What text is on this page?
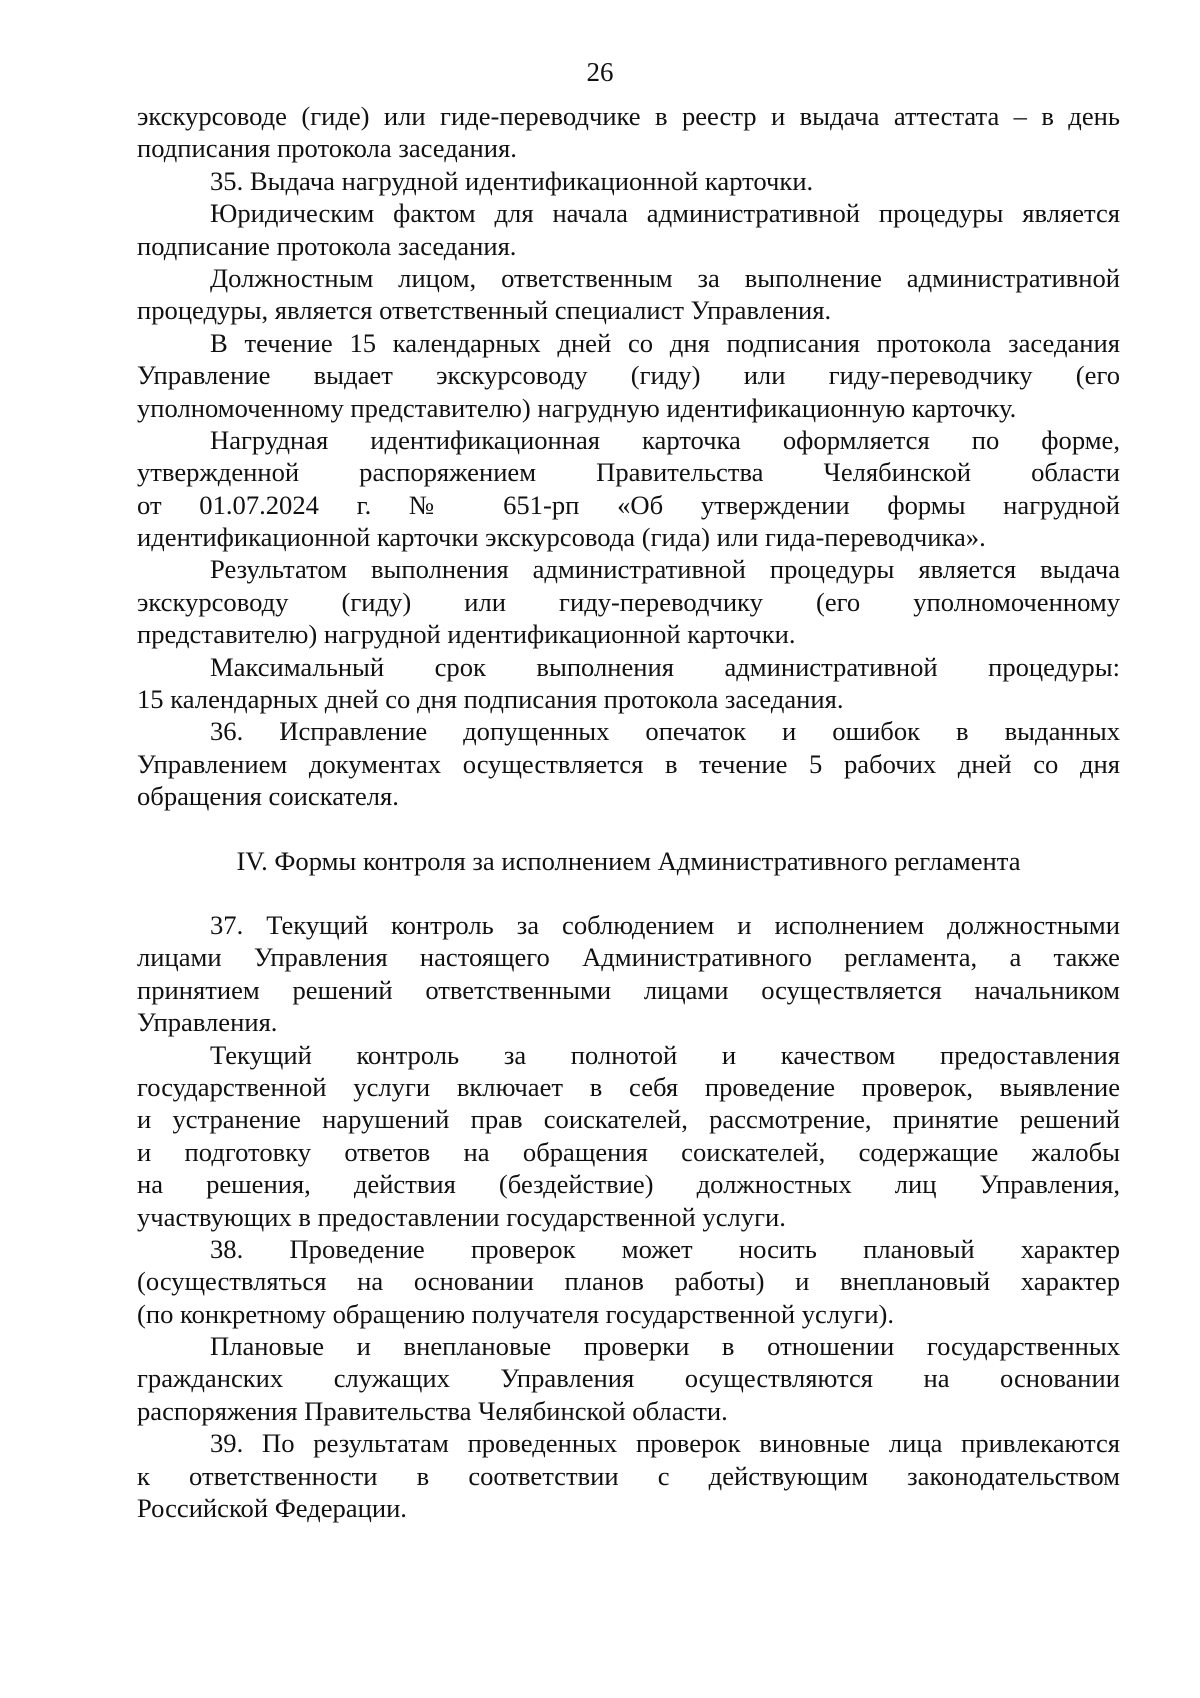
26
экскурсоводе (гиде) или гиде-переводчике в реестр и выдача аттестата – в день
подписания протокола заседания.
35. Выдача нагрудной идентификационной карточки.
Юридическим фактом для начала административной процедуры является
подписание протокола заседания.
Должностным лицом, ответственным за выполнение административной
процедуры, является ответственный специалист Управления.
В течение 15 календарных дней со дня подписания протокола заседания
Управление выдает экскурсоводу (гиду) или гиду-переводчику (его
уполномоченному представителю) нагрудную идентификационную карточку.
Нагрудная идентификационная карточка оформляется по форме,
утвержденной распоряжением Правительства Челябинской области
от 01.07.2024 г. № 651-рп «Об утверждении формы нагрудной
идентификационной карточки экскурсовода (гида) или гида-переводчика».
Результатом выполнения административной процедуры является выдача
экскурсоводу (гиду) или гиду-переводчику (его уполномоченному
представителю) нагрудной идентификационной карточки.
Максимальный срок выполнения административной процедуры:
15 календарных дней со дня подписания протокола заседания.
36. Исправление допущенных опечаток и ошибок в выданных
Управлением документах осуществляется в течение 5 рабочих дней со дня
обращения соискателя.
IV. Формы контроля за исполнением Административного регламента
37. Текущий контроль за соблюдением и исполнением должностными
лицами Управления настоящего Административного регламента, а также
принятием решений ответственными лицами осуществляется начальником
Управления.
Текущий контроль за полнотой и качеством предоставления
государственной услуги включает в себя проведение проверок, выявление
и устранение нарушений прав соискателей, рассмотрение, принятие решений
и подготовку ответов на обращения соискателей, содержащие жалобы
на решения, действия (бездействие) должностных лиц Управления,
участвующих в предоставлении государственной услуги.
38. Проведение проверок может носить плановый характер
(осуществляться на основании планов работы) и внеплановый характер
(по конкретному обращению получателя государственной услуги).
Плановые и внеплановые проверки в отношении государственных
гражданских служащих Управления осуществляются на основании
распоряжения Правительства Челябинской области.
39. По результатам проведенных проверок виновные лица привлекаются
к ответственности в соответствии с действующим законодательством
Российской Федерации.
